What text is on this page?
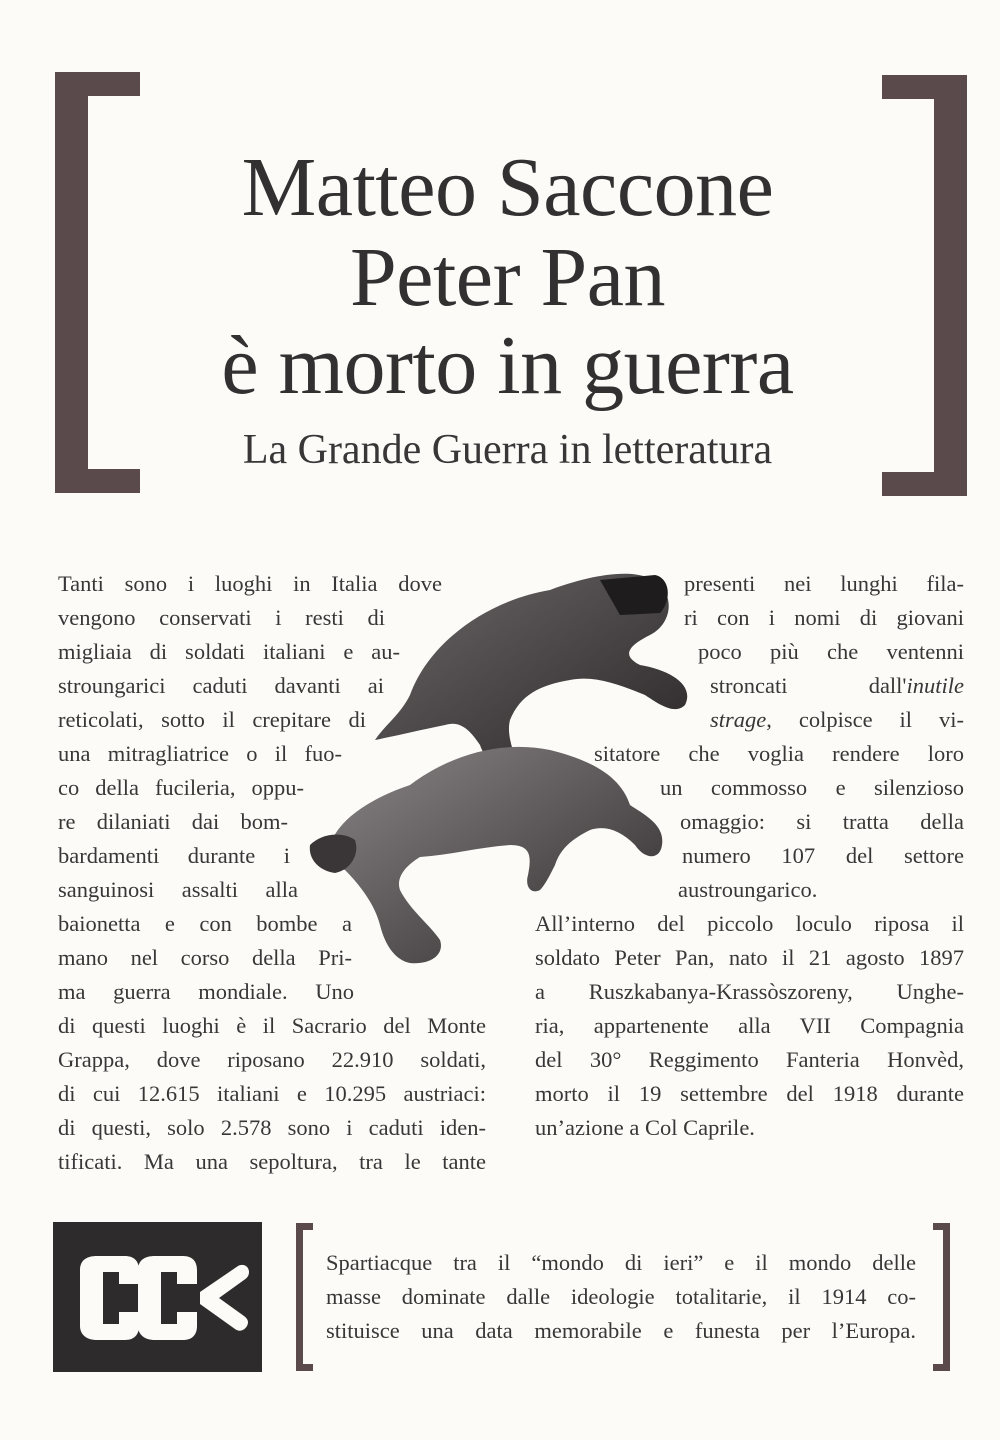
Matteo Saccone
Peter Pan
è morto in guerra
La Grande Guerra in letteratura
Tanti sono i luoghi in Italia dove
vengono conservati i resti di
migliaia di soldati italiani e au-
stroungarici caduti davanti ai
reticolati, sotto il crepitare di
una mitragliatrice o il fuo-
co della fucileria, oppu-
re dilaniati dai bom-
bardamenti durante i
sanguinosi assalti alla
baionetta e con bombe a
mano nel corso della Pri-
ma guerra mondiale. Uno
di questi luoghi è il Sacrario del Monte
Grappa, dove riposano 22.910 soldati,
di cui 12.615 italiani e 10.295 austriaci:
di questi, solo 2.578 sono i caduti iden-
tificati. Ma una sepoltura, tra le tante
presenti nei lunghi fila-
ri con i nomi di giovani
poco più che ventenni
stroncati dall'inutile
strage, colpisce il vi-
sitatore che voglia rendere loro
un commosso e silenzioso
omaggio: si tratta della
numero 107 del settore
austroungarico.
All’interno del piccolo loculo riposa il
soldato Peter Pan, nato il 21 agosto 1897
a Ruszkabanya-Krassòszoreny, Unghe-
ria, appartenente alla VII Compagnia
del 30° Reggimento Fanteria Honvèd,
morto il 19 settembre del 1918 durante
un’azione a Col Caprile.
Spartiacque tra il “mondo di ieri” e il mondo delle
masse dominate dalle ideologie totalitarie, il 1914 co-
stituisce una data memorabile e funesta per l’Europa.
